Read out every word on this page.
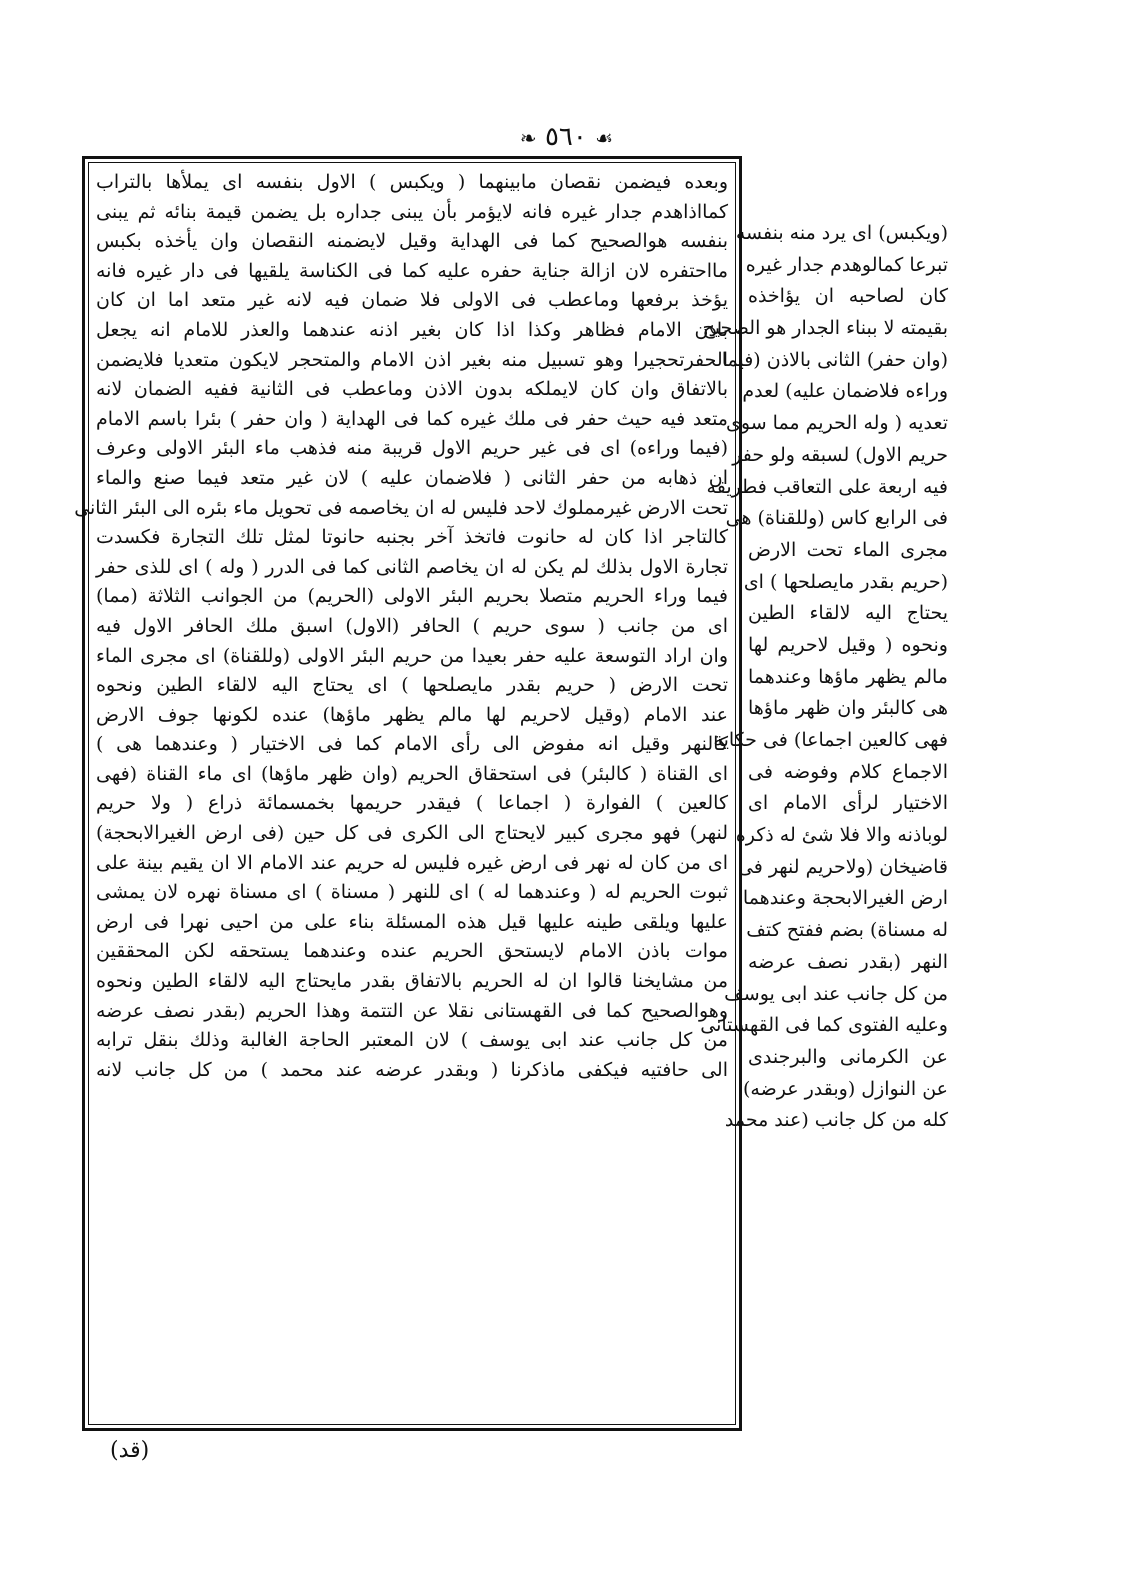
❧ ٥٦٠ ☙
وبعده فيضمن نقصان مابينهما ( ويكبس ) الاول بنفسه اى يملأها بالتراب
كمااذاهدم جدار غيره فانه لايؤمر بأن يبنى جداره بل يضمن قيمة بنائه ثم يبنى
بنفسه هوالصحيح كما فى الهداية وقيل لايضمنه النقصان وان يأخذه بكبس
مااحتفره لان ازالة جناية حفره عليه كما فى الكناسة يلقيها فى دار غيره فانه
يؤخذ برفعها وماعطب فى الاولى فلا ضمان فيه لانه غير متعد اما ان كان
باذن الامام فظاهر وكذا اذا كان بغير اذنه عندهما والعذر للامام انه يجعل
الحفرتحجيرا وهو تسبيل منه بغير اذن الامام والمتحجر لايكون متعديا فلايضمن
بالاتفاق وان كان لايملكه بدون الاذن وماعطب فى الثانية ففيه الضمان لانه
متعد فيه حيث حفر فى ملك غيره كما فى الهداية ( وان حفر ) بئرا باسم الامام
(فيما وراءه) اى فى غير حريم الاول قريبة منه فذهب ماء البئر الاولى وعرف
ان ذهابه من حفر الثانى ( فلاضمان عليه ) لان غير متعد فيما صنع والماء
تحت الارض غيرمملوك لاحد فليس له ان يخاصمه فى تحويل ماء بئره الى البئر الثانى
كالتاجر اذا كان له حانوت فاتخذ آخر بجنبه حانوتا لمثل تلك التجارة فكسدت
تجارة الاول بذلك لم يكن له ان يخاصم الثانى كما فى الدرر ( وله ) اى للذى حفر
فيما وراء الحريم متصلا بحريم البئر الاولى (الحريم) من الجوانب الثلاثة (مما)
اى من جانب ( سوى حريم ) الحافر (الاول) اسبق ملك الحافر الاول فيه
وان اراد التوسعة عليه حفر بعيدا من حريم البئر الاولى (وللقناة) اى مجرى الماء
تحت الارض ( حريم بقدر مايصلحها ) اى يحتاج اليه لالقاء الطين ونحوه
عند الامام (وقيل لاحريم لها مالم يظهر ماؤها) عنده لكونها جوف الارض
كالنهر وقيل انه مفوض الى رأى الامام كما فى الاختيار ( وعندهما هى )
اى القناة ( كالبئر) فى استحقاق الحريم (وان ظهر ماؤها) اى ماء القناة (فهى
كالعين ) الفوارة ( اجماعا ) فيقدر حريمها بخمسمائة ذراع ( ولا حريم
لنهر) فهو مجرى كبير لايحتاج الى الكرى فى كل حين (فى ارض الغيرالابحجة)
اى من كان له نهر فى ارض غيره فليس له حريم عند الامام الا ان يقيم بينة على
ثبوت الحريم له ( وعندهما له ) اى للنهر ( مسناة ) اى مسناة نهره لان يمشى
عليها ويلقى طينه عليها قيل هذه المسئلة بناء على من احيى نهرا فى ارض
موات باذن الامام لايستحق الحريم عنده وعندهما يستحقه لكن المحققين
من مشايخنا قالوا ان له الحريم بالاتفاق بقدر مايحتاج اليه لالقاء الطين ونحوه
وهوالصحيح كما فى القهستانى نقلا عن التتمة وهذا الحريم (بقدر نصف عرضه
من كل جانب عند ابى يوسف ) لان المعتبر الحاجة الغالبة وذلك بنقل ترابه
الى حافتيه فيكفى ماذكرنا ( وبقدر عرضه عند محمد ) من كل جانب لانه
(ويكبس) اى يرد منه بنفسه
تبرعا كمالوهدم جدار غيره
كان لصاحبه ان يؤاخذه
بقيمته لا ببناء الجدار هو الصحيح
(وان حفر) الثانى بالاذن (فيما
وراءه فلاضمان عليه) لعدم
تعديه ( وله الحريم مما سوى
حريم الاول) لسبقه ولو حفر
فيه اربعة على التعاقب فطريقه
فى الرابع كاس (وللقناة) هى
مجرى الماء تحت الارض
(حريم بقدر مايصلحها ) اى
يحتاج اليه لالقاء الطين
ونحوه ( وقيل لاحريم لها
مالم يظهر ماؤها وعندهما
هى كالبئر وان ظهر ماؤها
فهى كالعين اجماعا) فى حكاية
الاجماع كلام وفوضه فى
الاختيار لرأى الامام اى
لوباذنه والا فلا شئ له ذكره
قاضيخان (ولاحريم لنهر فى
ارض الغيرالابحجة وعندهما
له مسناة) بضم ففتح كتف
النهر (بقدر نصف عرضه
من كل جانب عند ابى يوسف
وعليه الفتوى كما فى القهستانى
عن الكرمانى والبرجندى
عن النوازل (وبقدر عرضه)
كله من كل جانب (عند محمد
(قد)
